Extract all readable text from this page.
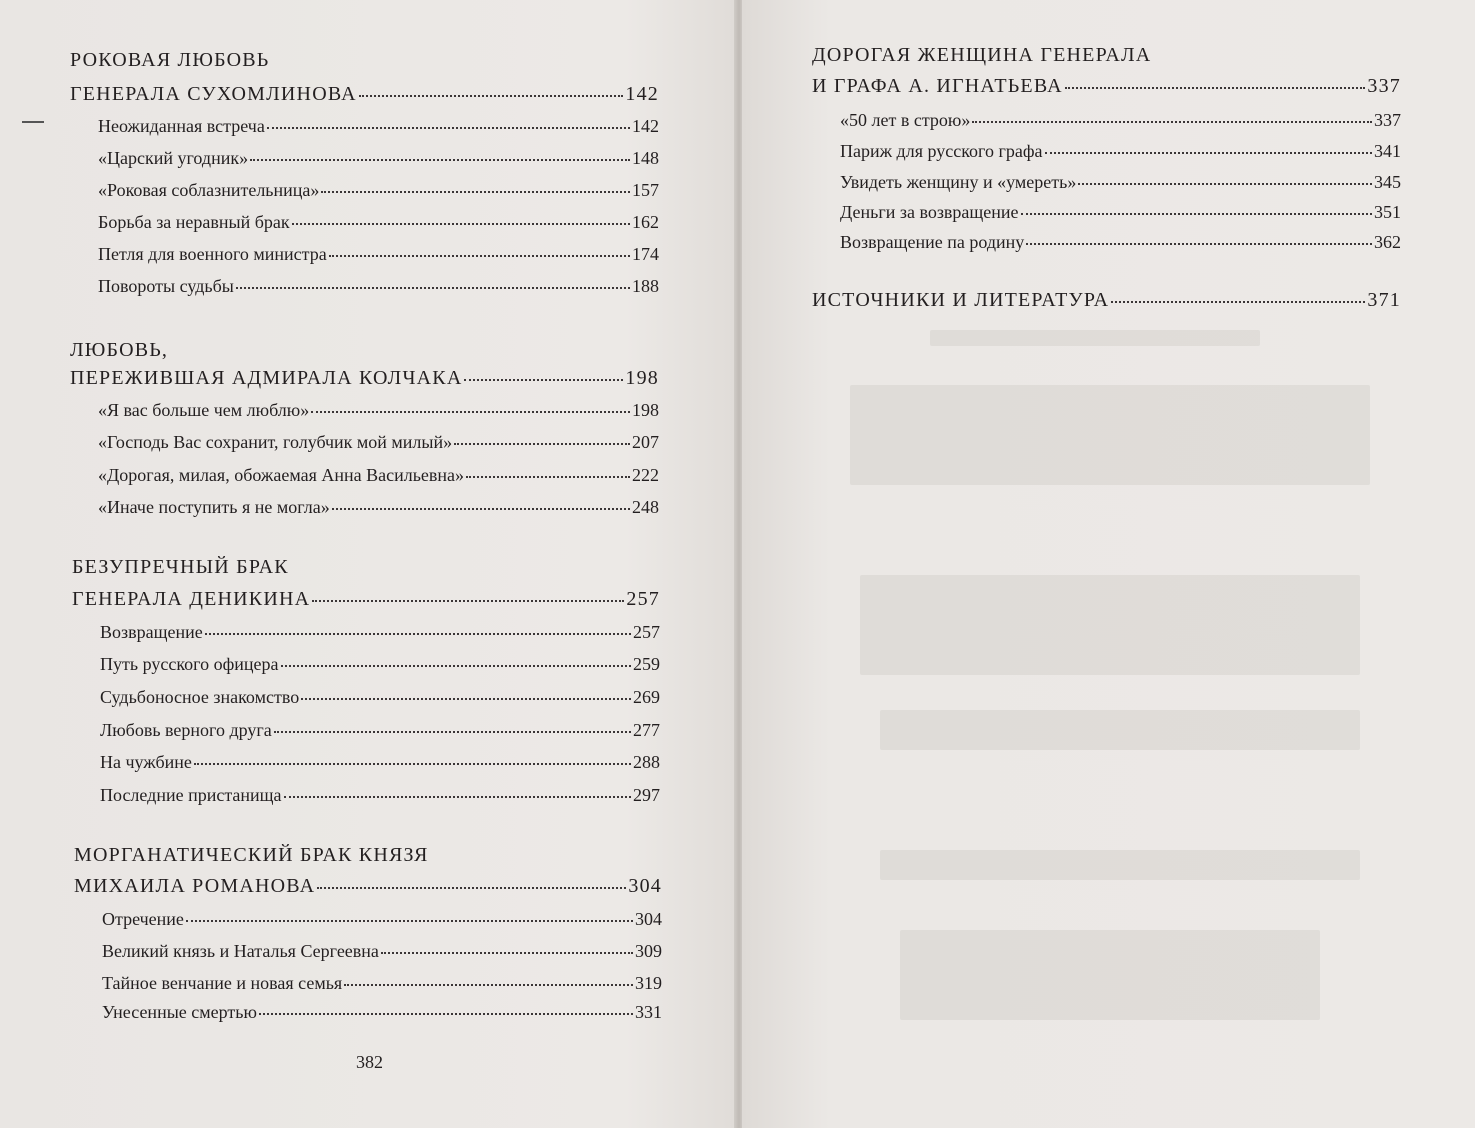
РОКОВАЯ ЛЮБОВЬ
ГЕНЕРАЛА СУХОМЛИНОВА	142
Неожиданная встреча	142
«Царский угодник»	148
«Роковая соблазнительница»	157
Борьба за неравный брак	162
Петля для военного министра	174
Повороты судьбы	188
ЛЮБОВЬ,
ПЕРЕЖИВШАЯ АДМИРАЛА КОЛЧАКА	198
«Я вас больше чем люблю»	198
«Господь Вас сохранит, голубчик мой милый»	207
«Дорогая, милая, обожаемая Анна Васильевна»	222
«Иначе поступить я не могла»	248
БЕЗУПРЕЧНЫЙ БРАК
ГЕНЕРАЛА ДЕНИКИНА	257
Возвращение	257
Путь русского офицера	259
Судьбоносное знакомство	269
Любовь верного друга	277
На чужбине	288
Последние пристанища	297
МОРГАНАТИЧЕСКИЙ БРАК КНЯЗЯ
МИХАИЛА РОМАНОВА	304
Отречение	304
Великий князь и Наталья Сергеевна	309
Тайное венчание и новая семья	319
Унесенные смертью	331
382
ДОРОГАЯ ЖЕНЩИНА ГЕНЕРАЛА
И ГРАФА А. ИГНАТЬЕВА	337
«50 лет в строю»	337
Париж для русского графа	341
Увидеть женщину и «умереть»	345
Деньги за возвращение	351
Возвращение па родину	362
ИСТОЧНИКИ И ЛИТЕРАТУРА	371
